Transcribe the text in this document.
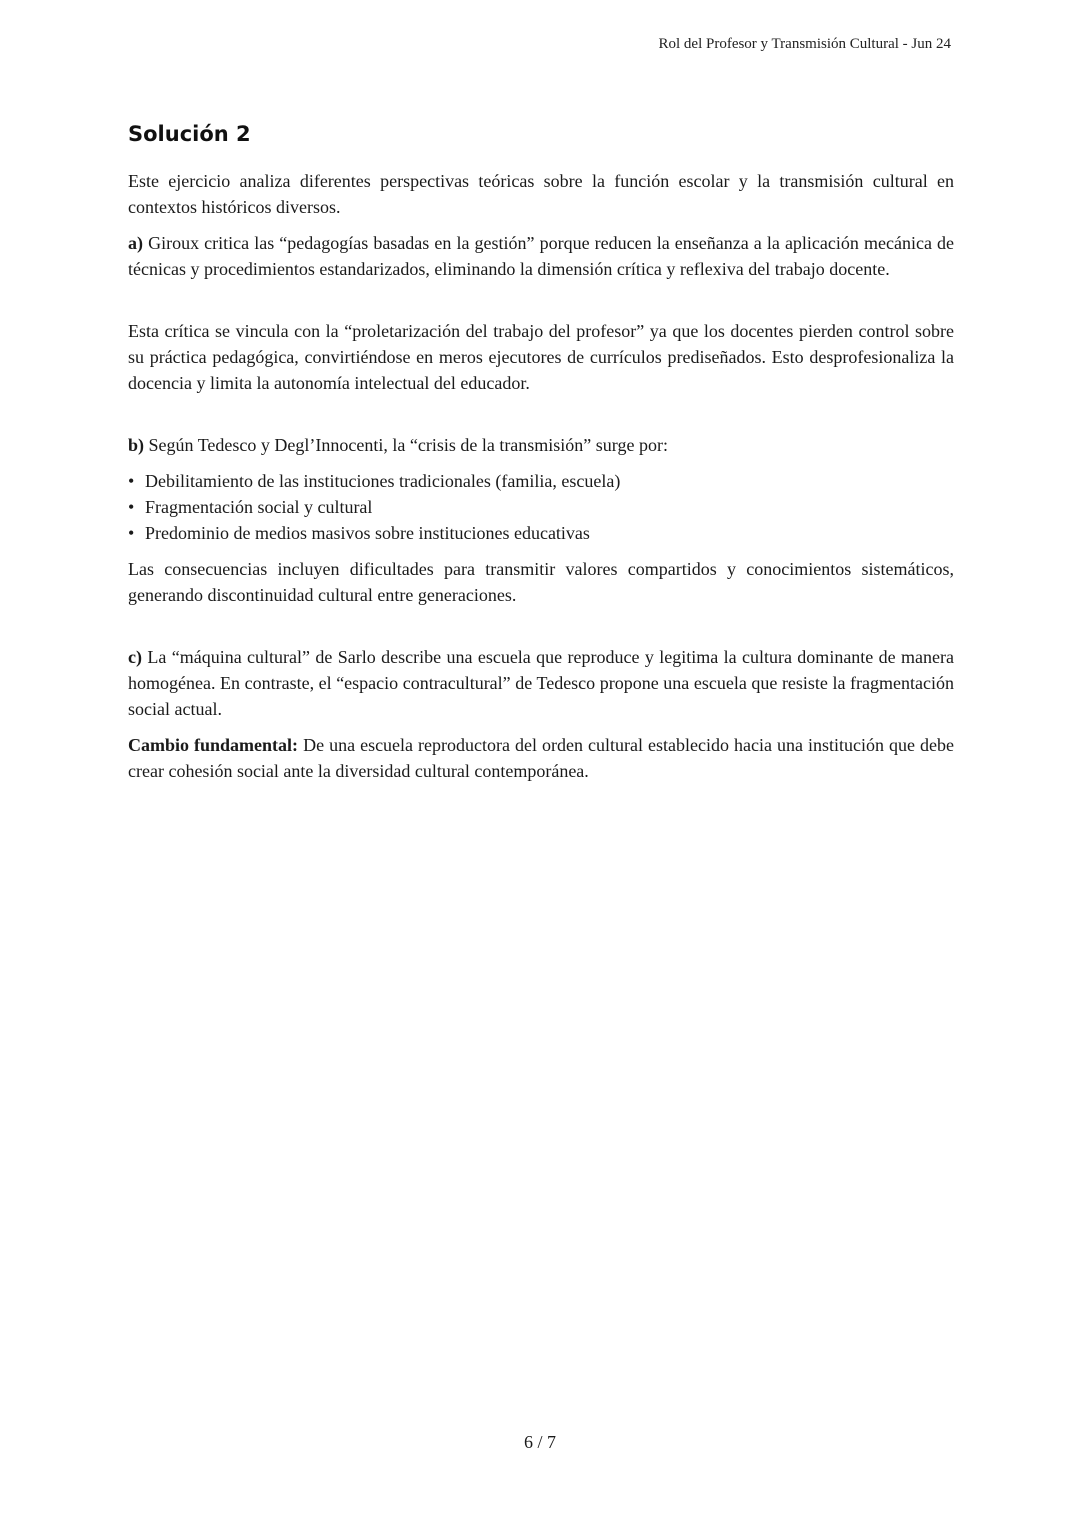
Rol del Profesor y Transmisión Cultural - Jun 24
Solución 2

Este ejercicio analiza diferentes perspectivas teóricas sobre la función escolar y la transmisión cultural en contextos históricos diversos.

a) Giroux critica las “pedagogías basadas en la gestión” porque reducen la enseñanza a la aplicación mecánica de técnicas y procedimientos estandarizados, eliminando la dimensión crítica y reflexiva del trabajo docente.

Esta crítica se vincula con la “proletarización del trabajo del profesor” ya que los docentes pierden control sobre su práctica pedagógica, convirtiéndose en meros ejecutores de currículos prediseñados. Esto desprofesionaliza la docencia y limita la autonomía intelectual del educador.

b) Según Tedesco y Degl’Innocenti, la “crisis de la transmisión” surge por:

• Debilitamiento de las instituciones tradicionales (familia, escuela)
• Fragmentación social y cultural
• Predominio de medios masivos sobre instituciones educativas

Las consecuencias incluyen dificultades para transmitir valores compartidos y conocimientos sistemáticos, generando discontinuidad cultural entre generaciones.

c) La “máquina cultural” de Sarlo describe una escuela que reproduce y legitima la cultura dominante de manera homogénea. En contraste, el “espacio contracultural” de Tedesco propone una escuela que resiste la fragmentación social actual.

Cambio fundamental: De una escuela reproductora del orden cultural establecido hacia una institución que debe crear cohesión social ante la diversidad cultural contemporánea.

6 / 7
